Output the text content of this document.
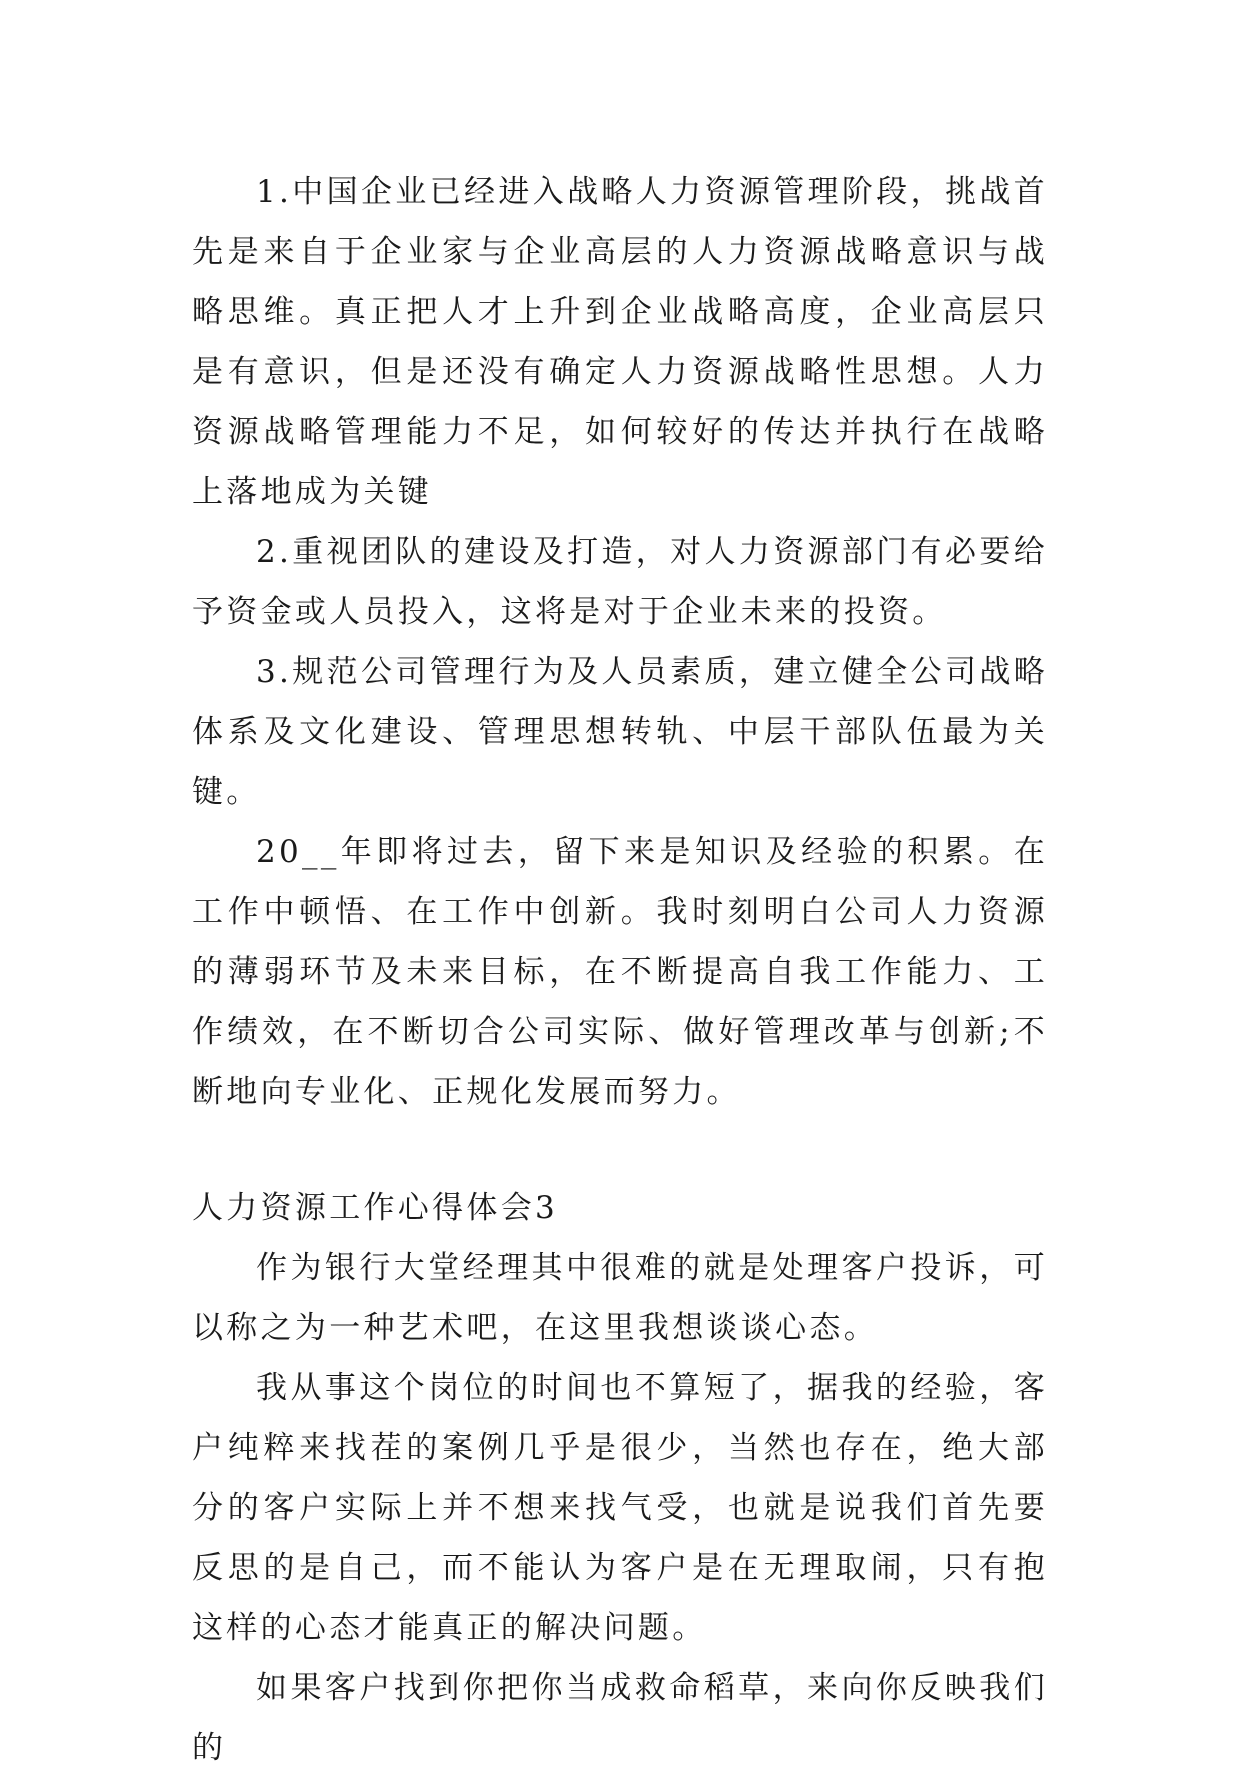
1.中国企业已经进入战略人力资源管理阶段，挑战首先是来自于企业家与企业高层的人力资源战略意识与战略思维。真正把人才上升到企业战略高度，企业高层只是有意识，但是还没有确定人力资源战略性思想。人力资源战略管理能力不足，如何较好的传达并执行在战略上落地成为关键

2.重视团队的建设及打造，对人力资源部门有必要给予资金或人员投入，这将是对于企业未来的投资。

3.规范公司管理行为及人员素质，建立健全公司战略体系及文化建设、管理思想转轨、中层干部队伍最为关键。

20__年即将过去，留下来是知识及经验的积累。在工作中顿悟、在工作中创新。我时刻明白公司人力资源的薄弱环节及未来目标，在不断提高自我工作能力、工作绩效，在不断切合公司实际、做好管理改革与创新;不断地向专业化、正规化发展而努力。

人力资源工作心得体会3

作为银行大堂经理其中很难的就是处理客户投诉，可以称之为一种艺术吧，在这里我想谈谈心态。

我从事这个岗位的时间也不算短了，据我的经验，客户纯粹来找茬的案例几乎是很少，当然也存在，绝大部分的客户实际上并不想来找气受，也就是说我们首先要反思的是自己，而不能认为客户是在无理取闹，只有抱这样的心态才能真正的解决问题。

如果客户找到你把你当成救命稻草，来向你反映我们的
